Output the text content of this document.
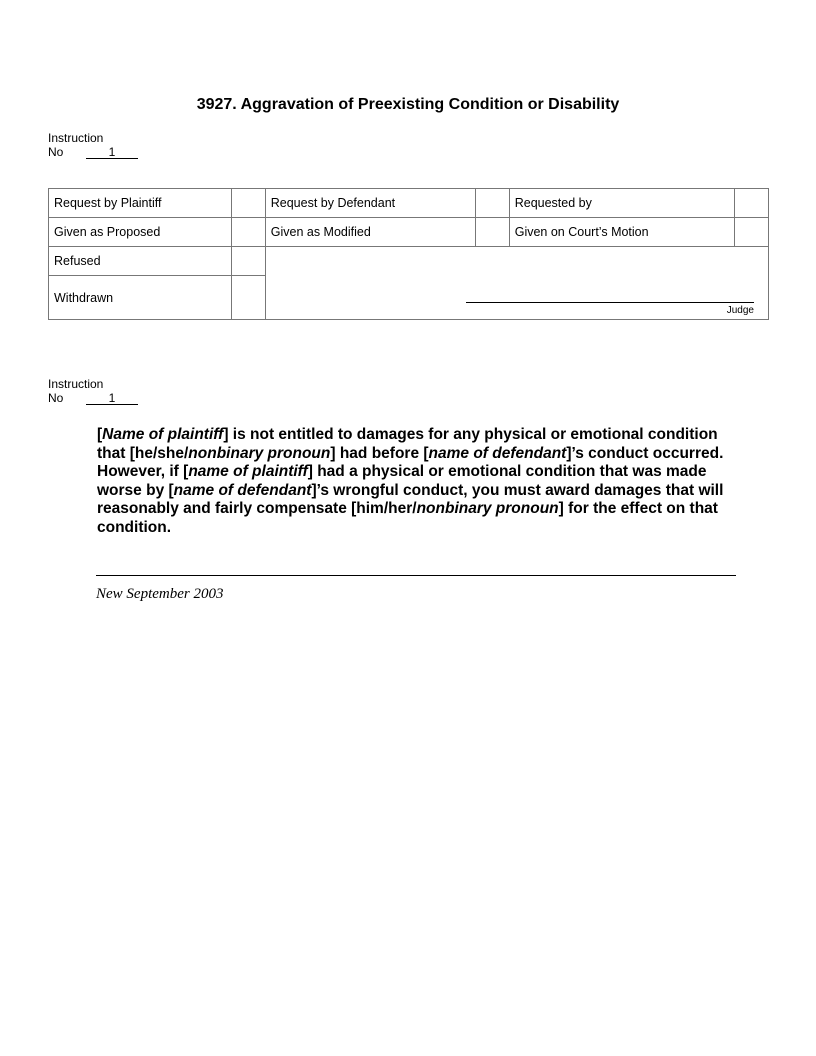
3927. Aggravation of Preexisting Condition or Disability
Instruction
No	1
Request by Plaintiff		Request by Defendant		Requested by	
Given as Proposed		Given as Modified		Given on Court’s Motion	
Refused		Judge			

Withdrawn					
Instruction
No	1
[Name of plaintiff] is not entitled to damages for any physical or emotional condition that [he/she/nonbinary pronoun] had before [name of defendant]’s conduct occurred. However, if [name of plaintiff] had a physical or emotional condition that was made worse by [name of defendant]’s wrongful conduct, you must award damages that will reasonably and fairly compensate [him/her/nonbinary pronoun] for the effect on that condition.
New September 2003
